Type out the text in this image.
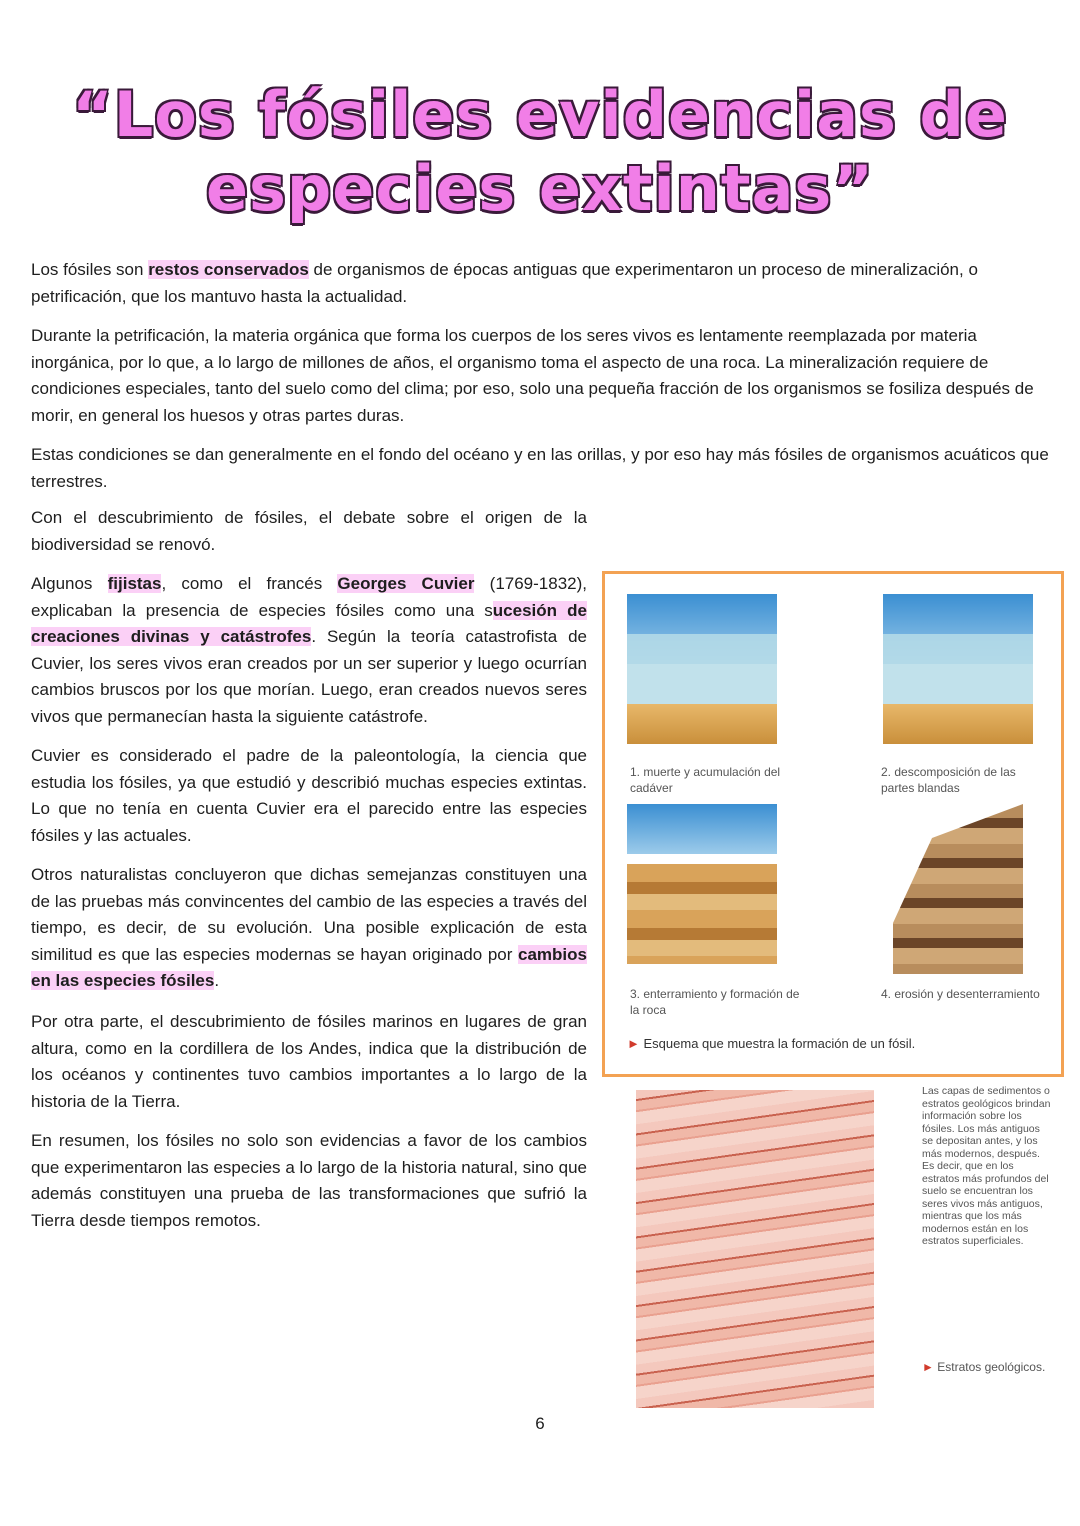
“Los fósiles evidencias de
especies extintas”

Los fósiles son restos conservados de organismos de épocas antiguas que experimentaron un proceso de mineralización, o petrificación, que los mantuvo hasta la actualidad.

Durante la petrificación, la materia orgánica que forma los cuerpos de los seres vivos es lentamente reemplazada por materia inorgánica, por lo que, a lo largo de millones de años, el organismo toma el aspecto de una roca. La mineralización requiere de condiciones especiales, tanto del suelo como del clima; por eso, solo una pequeña fracción de los organismos se fosiliza después de morir, en general los huesos y otras partes duras.

Estas condiciones se dan generalmente en el fondo del océano y en las orillas, y por eso hay más fósiles de organismos acuáticos que terrestres.

Con el descubrimiento de fósiles, el debate sobre el origen de la biodiversidad se renovó.

Algunos fijistas, como el francés Georges Cuvier (1769-1832), explicaban la presencia de especies fósiles como una sucesión de creaciones divinas y catástrofes. Según la teoría catastrofista de Cuvier, los seres vivos eran creados por un ser superior y luego ocurrían cambios bruscos por los que morían. Luego, eran creados nuevos seres vivos que permanecían hasta la siguiente catástrofe.

Cuvier es considerado el padre de la paleontología, la ciencia que estudia los fósiles, ya que estudió y describió muchas especies extintas. Lo que no tenía en cuenta Cuvier era el parecido entre las especies fósiles y las actuales.

Otros naturalistas concluyeron que dichas semejanzas constituyen una de las pruebas más convincentes del cambio de las especies a través del tiempo, es decir, de su evolución. Una posible explicación de esta similitud es que las especies modernas se hayan originado por cambios en las especies fósiles.

Por otra parte, el descubrimiento de fósiles marinos en lugares de gran altura, como en la cordillera de los Andes, indica que la distribución de los océanos y continentes tuvo cambios importantes a lo largo de la historia de la Tierra.

En resumen, los fósiles no solo son evidencias a favor de los cambios que experimentaron las especies a lo largo de la historia natural, sino que además constituyen una prueba de las transformaciones que sufrió la Tierra desde tiempos remotos.

1. muerte y acumulación del cadáver

2. descomposición de las partes blandas

3. enterramiento y formación de la roca

4. erosión y desenterramiento

► Esquema que muestra la formación de un fósil.

Las capas de sedimentos o estratos geológicos brindan información sobre los fósiles. Los más antiguos se depositan antes, y los más modernos, después. Es decir, que en los estratos más profundos del suelo se encuentran los seres vivos más antiguos, mientras que los más modernos están en los estratos superficiales.

► Estratos geológicos.

6
